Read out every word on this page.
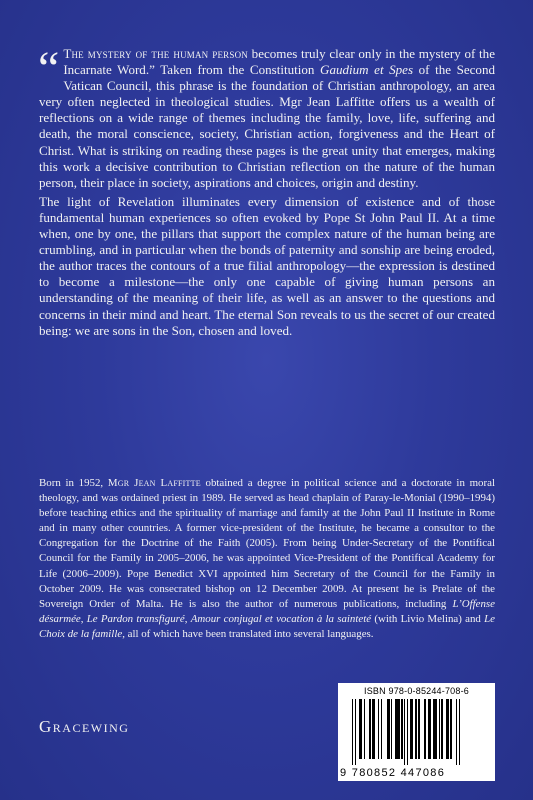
“ The mystery of the human person becomes truly clear only in the mystery of the Incarnate Word.” Taken from the Constitution Gaudium et Spes of the Second Vatican Council, this phrase is the foundation of Christian anthropology, an area very often neglected in theological studies. Mgr Jean Laffitte offers us a wealth of reflections on a wide range of themes including the family, love, life, suffering and death, the moral conscience, society, Christian action, forgiveness and the Heart of Christ. What is striking on reading these pages is the great unity that emerges, making this work a decisive contribution to Christian reflection on the nature of the human person, their place in society, aspirations and choices, origin and destiny.

The light of Revelation illuminates every dimension of existence and of those fundamental human experiences so often evoked by Pope St John Paul II. At a time when, one by one, the pillars that support the complex nature of the human being are crumbling, and in particular when the bonds of paternity and sonship are being eroded, the author traces the contours of a true filial anthropology—the expression is destined to become a milestone—the only one capable of giving human persons an understanding of the meaning of their life, as well as an answer to the questions and concerns in their mind and heart. The eternal Son reveals to us the secret of our created being: we are sons in the Son, chosen and loved.

Born in 1952, Mgr Jean Laffitte obtained a degree in political science and a doctorate in moral theology, and was ordained priest in 1989. He served as head chaplain of Paray-le-Monial (1990–1994) before teaching ethics and the spirituality of marriage and family at the John Paul II Institute in Rome and in many other countries. A former vice-president of the Institute, he became a consultor to the Congregation for the Doctrine of the Faith (2005). From being Under-Secretary of the Pontifical Council for the Family in 2005–2006, he was appointed Vice-President of the Pontifical Academy for Life (2006–2009). Pope Benedict XVI appointed him Secretary of the Council for the Family in October 2009. He was consecrated bishop on 12 December 2009. At present he is Prelate of the Sovereign Order of Malta. He is also the author of numerous publications, including L’Offense désarmée, Le Pardon transfiguré, Amour conjugal et vocation à la sainteté (with Livio Melina) and Le Choix de la famille, all of which have been translated into several languages.

Gracewing
ISBN 978-0-85244-708-6
9 780852 447086
